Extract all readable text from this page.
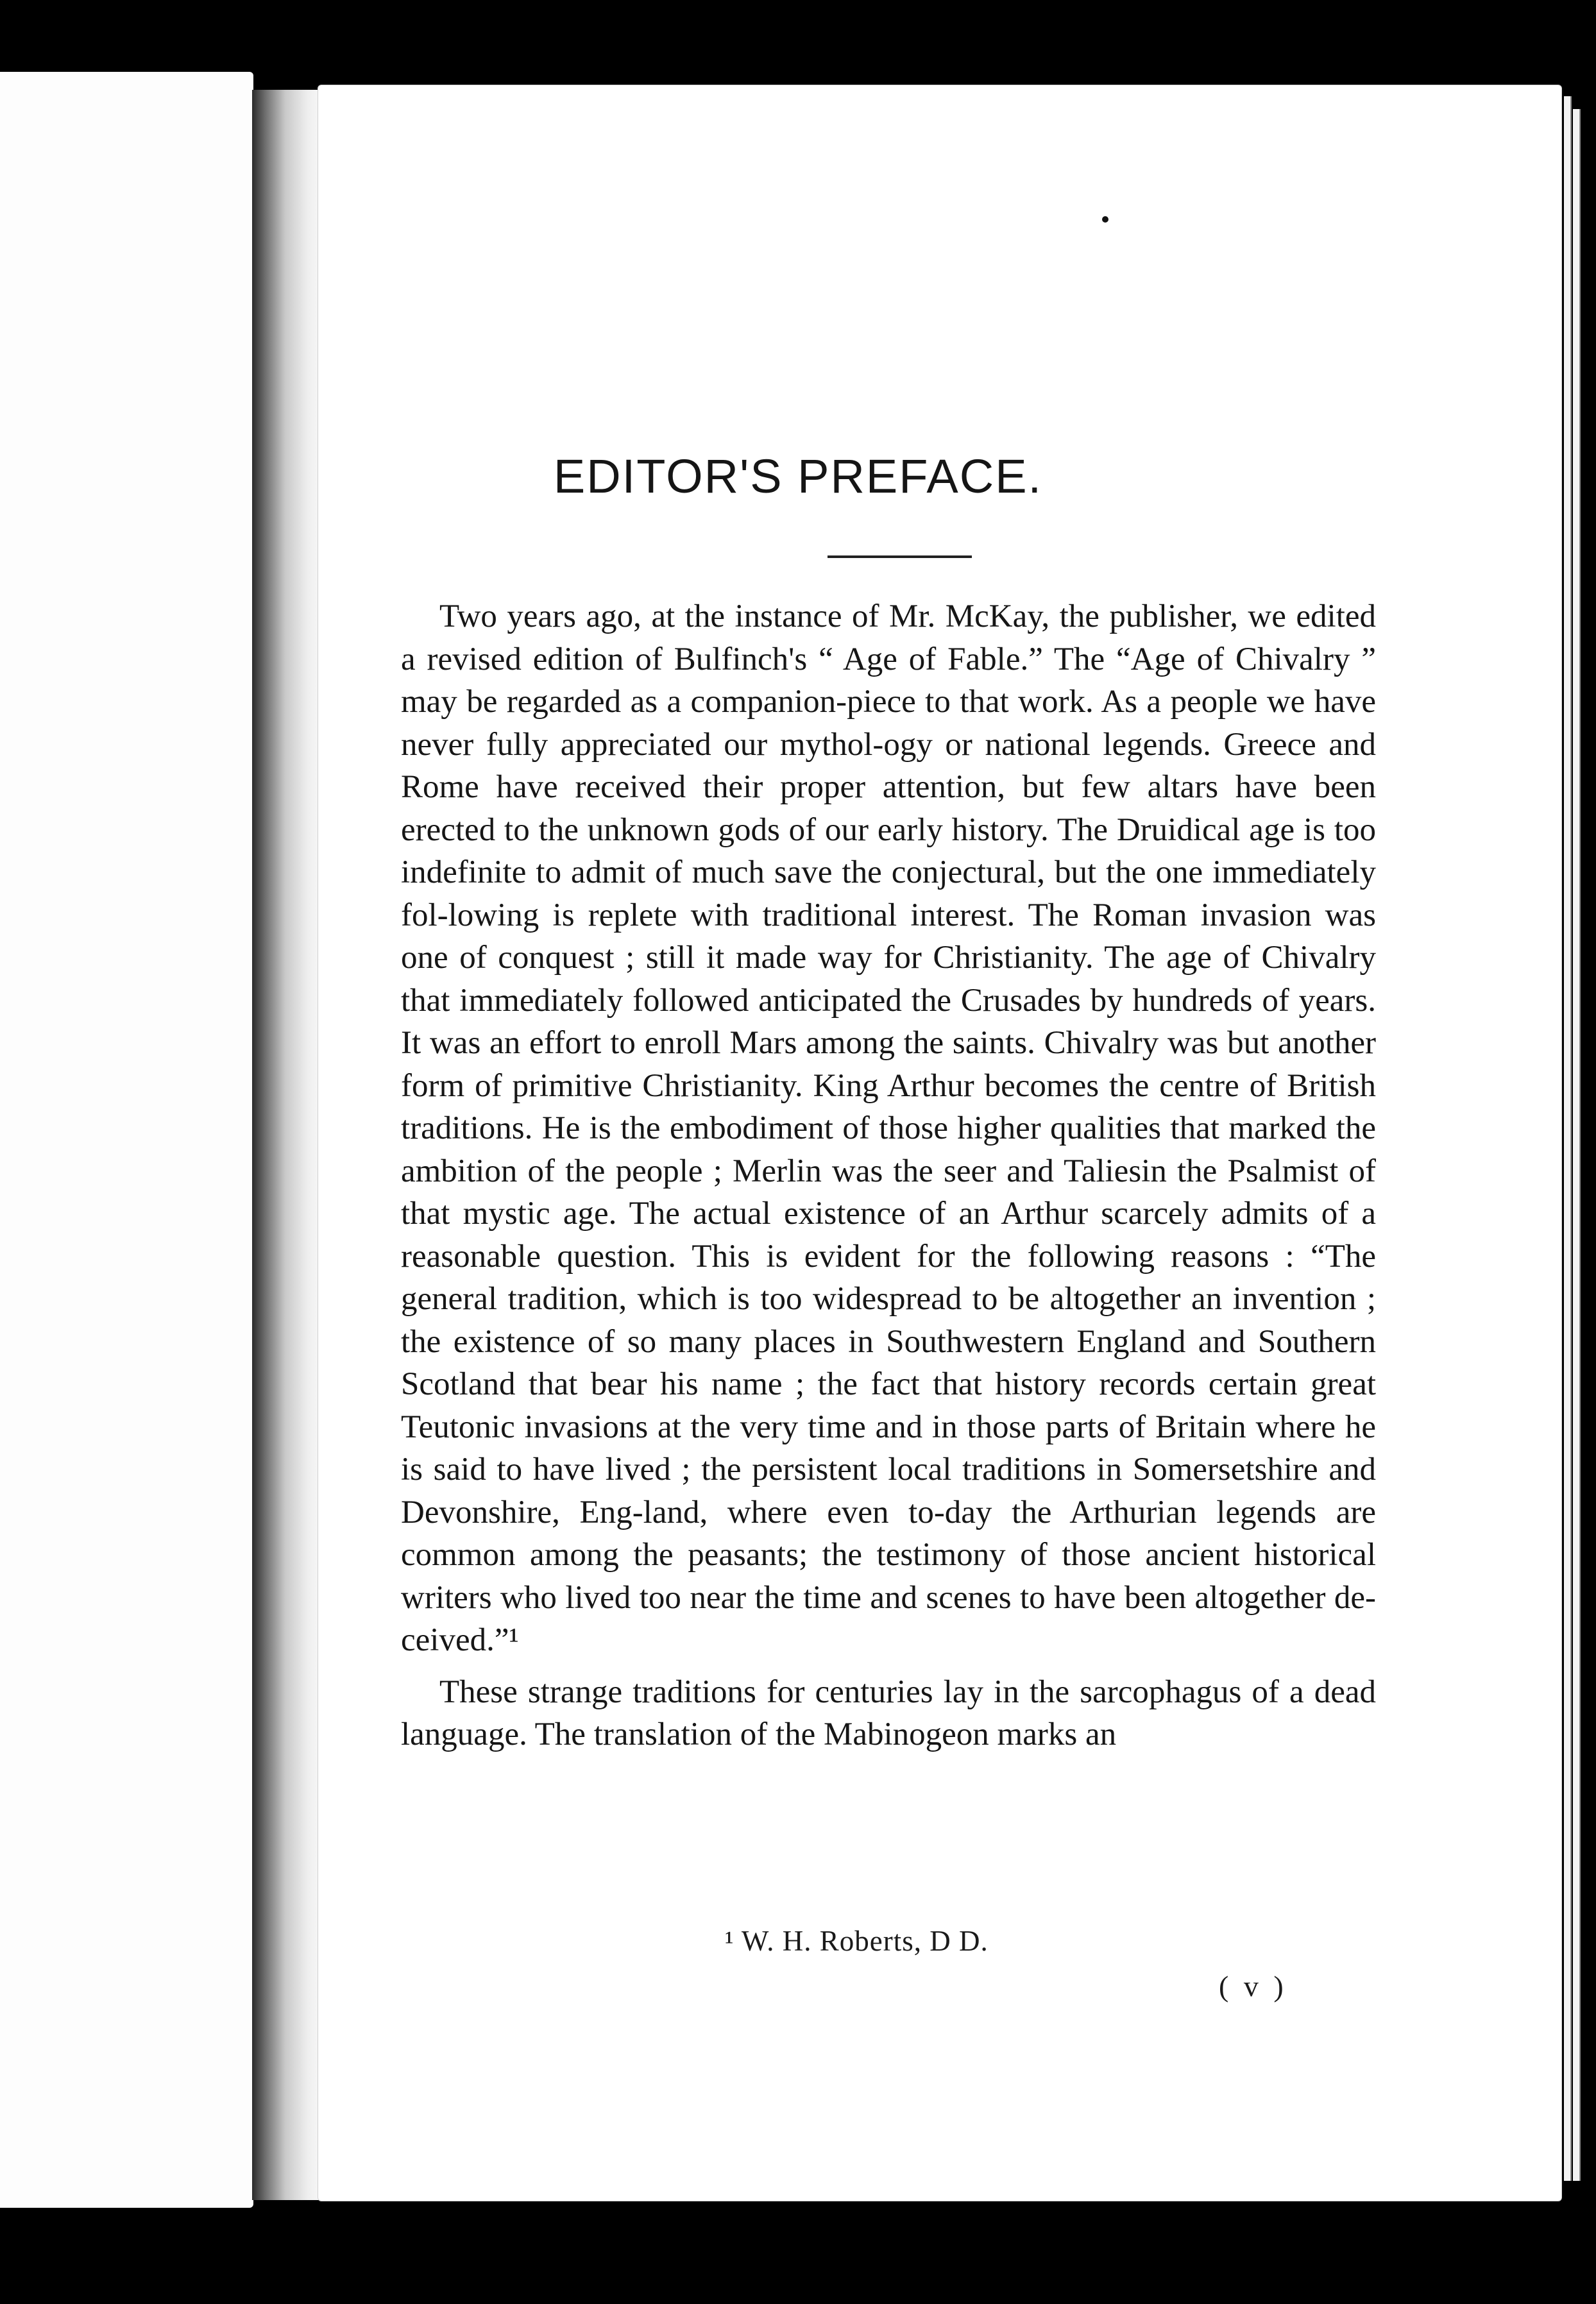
EDITOR'S PREFACE.

Two years ago, at the instance of Mr. McKay, the publisher, we edited a revised edition of Bulfinch's “ Age of Fable.” The “Age of Chivalry ” may be regarded as a companion-piece to that work. As a people we have never fully appreciated our mythol-ogy or national legends. Greece and Rome have received their proper attention, but few altars have been erected to the unknown gods of our early history. The Druidical age is too indefinite to admit of much save the conjectural, but the one immediately fol-lowing is replete with traditional interest. The Roman invasion was one of conquest ; still it made way for Christianity. The age of Chivalry that immediately followed anticipated the Crusades by hundreds of years. It was an effort to enroll Mars among the saints. Chivalry was but another form of primitive Christianity. King Arthur becomes the centre of British traditions. He is the embodiment of those higher qualities that marked the ambition of the people ; Merlin was the seer and Taliesin the Psalmist of that mystic age. The actual existence of an Arthur scarcely admits of a reasonable question. This is evident for the following reasons : “The general tradition, which is too widespread to be altogether an invention ; the existence of so many places in Southwestern England and Southern Scotland that bear his name ; the fact that history records certain great Teutonic invasions at the very time and in those parts of Britain where he is said to have lived ; the persistent local traditions in Somersetshire and Devonshire, Eng-land, where even to-day the Arthurian legends are common among the peasants; the testimony of those ancient historical writers who lived too near the time and scenes to have been altogether de-ceived.”¹

These strange traditions for centuries lay in the sarcophagus of a dead language. The translation of the Mabinogeon marks an

¹ W. H. Roberts, D D.
( v )
